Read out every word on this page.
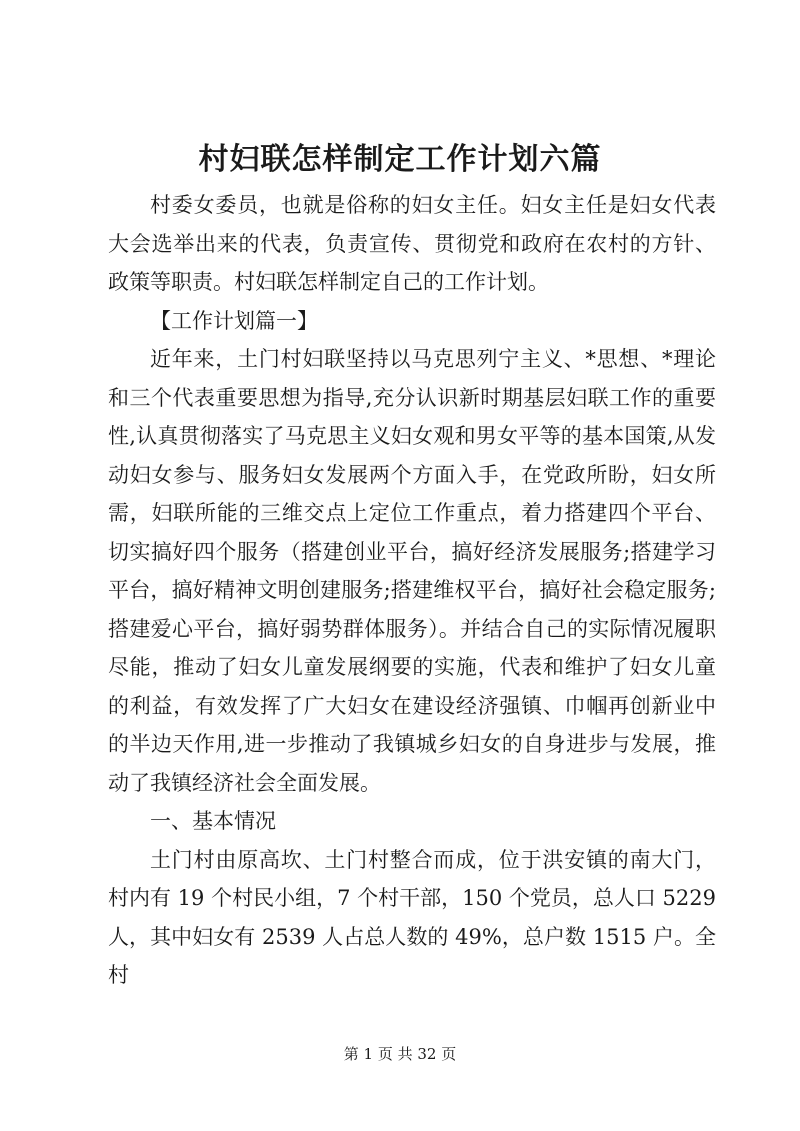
村妇联怎样制定工作计划六篇

村委女委员，也就是俗称的妇女主任。妇女主任是妇女代表大会选举出来的代表，负责宣传、贯彻党和政府在农村的方针、政策等职责。村妇联怎样制定自己的工作计划。

【工作计划篇一】

近年来，土门村妇联坚持以马克思列宁主义、*思想、*理论和三个代表重要思想为指导,充分认识新时期基层妇联工作的重要性,认真贯彻落实了马克思主义妇女观和男女平等的基本国策,从发动妇女参与、服务妇女发展两个方面入手，在党政所盼，妇女所需，妇联所能的三维交点上定位工作重点，着力搭建四个平台、切实搞好四个服务（搭建创业平台，搞好经济发展服务;搭建学习平台，搞好精神文明创建服务;搭建维权平台，搞好社会稳定服务;搭建爱心平台，搞好弱势群体服务）。并结合自己的实际情况履职尽能，推动了妇女儿童发展纲要的实施，代表和维护了妇女儿童的利益，有效发挥了广大妇女在建设经济强镇、巾帼再创新业中的半边天作用,进一步推动了我镇城乡妇女的自身进步与发展，推动了我镇经济社会全面发展。

一、基本情况

土门村由原高坎、土门村整合而成，位于洪安镇的南大门，村内有 19 个村民小组，7 个村干部，150 个党员，总人口 5229 人，其中妇女有 2539 人占总人数的 49%，总户数 1515 户。全村

第 1 页 共 32 页
